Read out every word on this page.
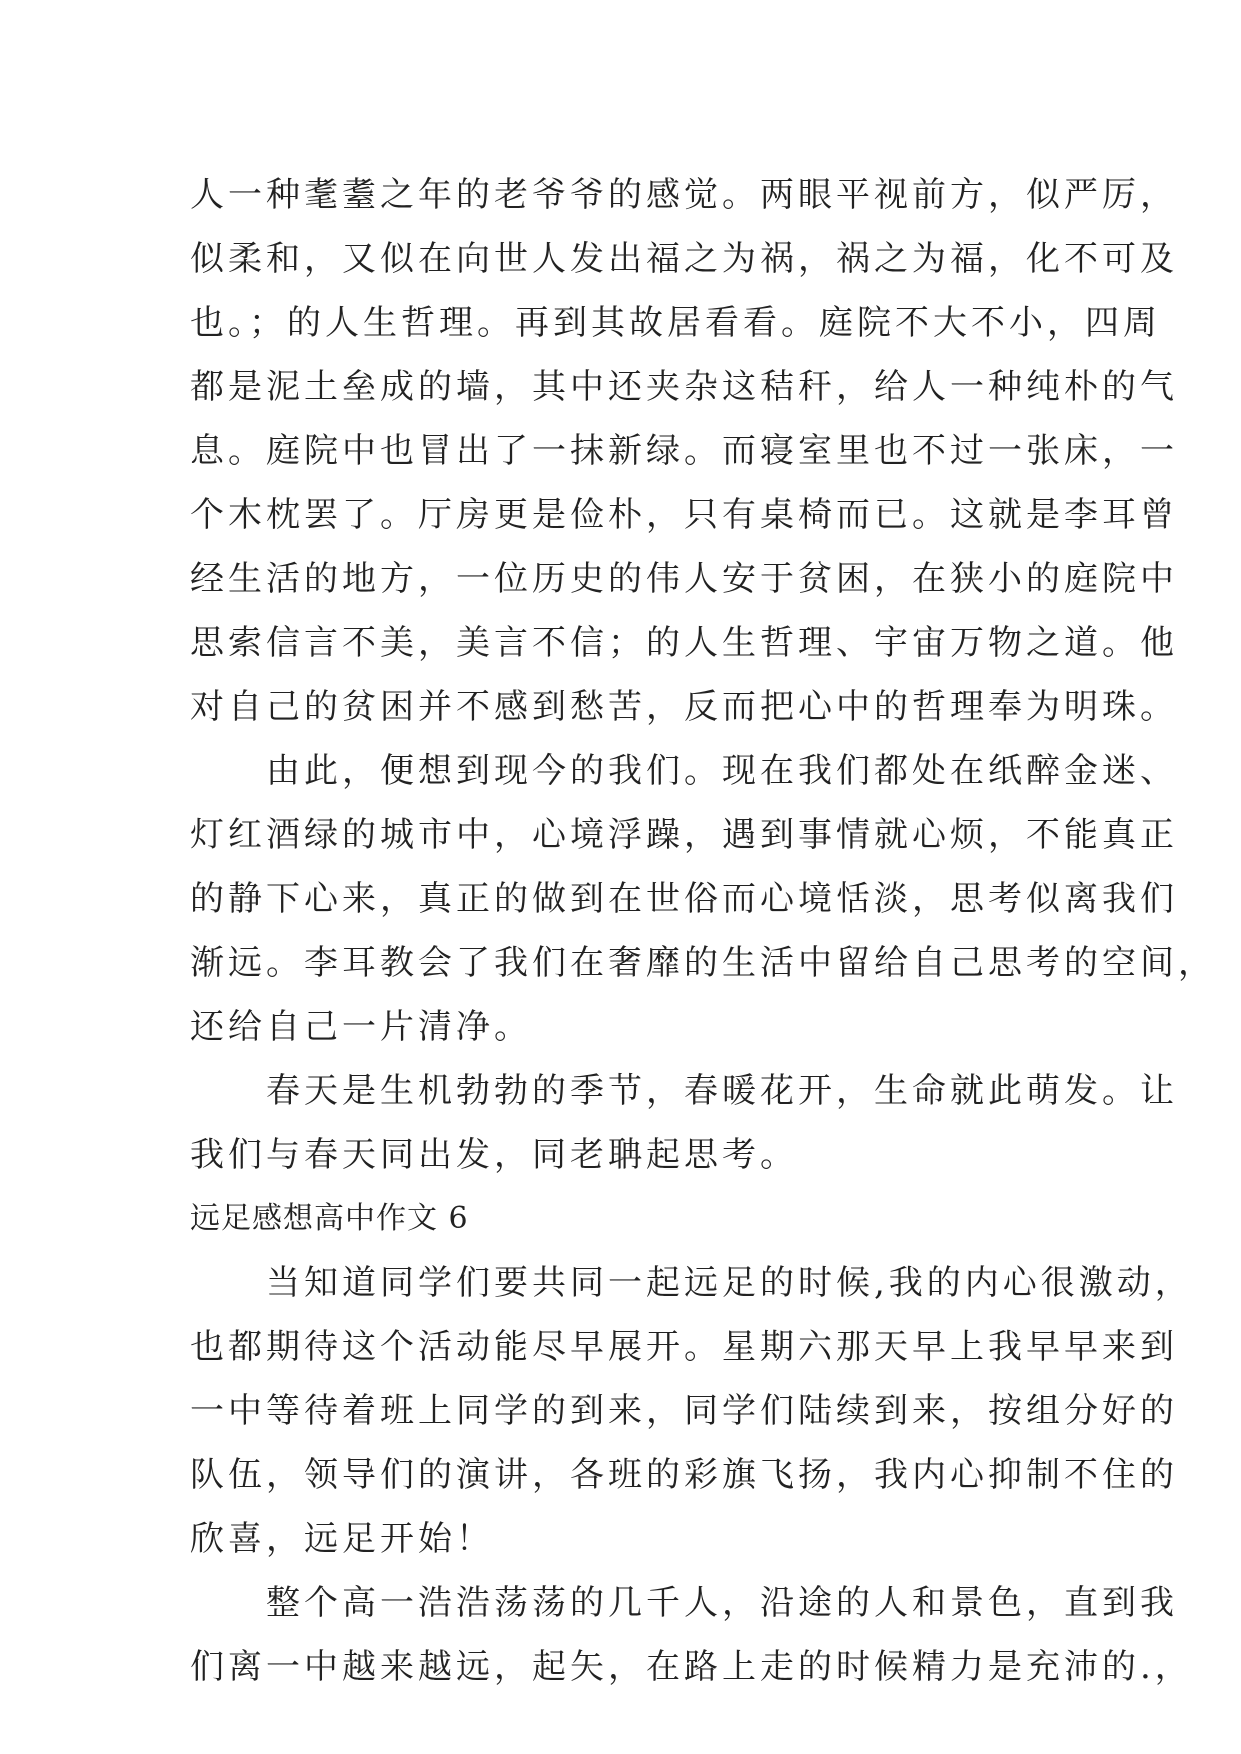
人一种耄耋之年的老爷爷的感觉。两眼平视前方，似严厉，
似柔和，又似在向世人发出福之为祸，祸之为福，化不可及
也。；的人生哲理。再到其故居看看。庭院不大不小，四周
都是泥土垒成的墙，其中还夹杂这秸秆，给人一种纯朴的气
息。庭院中也冒出了一抹新绿。而寝室里也不过一张床，一
个木枕罢了。厅房更是俭朴，只有桌椅而已。这就是李耳曾
经生活的地方，一位历史的伟人安于贫困，在狭小的庭院中
思索信言不美，美言不信；的人生哲理、宇宙万物之道。他
对自己的贫困并不感到愁苦，反而把心中的哲理奉为明珠。
　　由此，便想到现今的我们。现在我们都处在纸醉金迷、
灯红酒绿的城市中，心境浮躁，遇到事情就心烦，不能真正
的静下心来，真正的做到在世俗而心境恬淡，思考似离我们
渐远。李耳教会了我们在奢靡的生活中留给自己思考的空间，
还给自己一片清净。
　　春天是生机勃勃的季节，春暖花开，生命就此萌发。让
我们与春天同出发，同老聃起思考。
远足感想高中作文 6
　　当知道同学们要共同一起远足的时候,我的内心很激动，
也都期待这个活动能尽早展开。星期六那天早上我早早来到
一中等待着班上同学的到来，同学们陆续到来，按组分好的
队伍，领导们的演讲，各班的彩旗飞扬，我内心抑制不住的
欣喜，远足开始！
　　整个高一浩浩荡荡的几千人，沿途的人和景色，直到我
们离一中越来越远，起矢，在路上走的时候精力是充沛的.，
